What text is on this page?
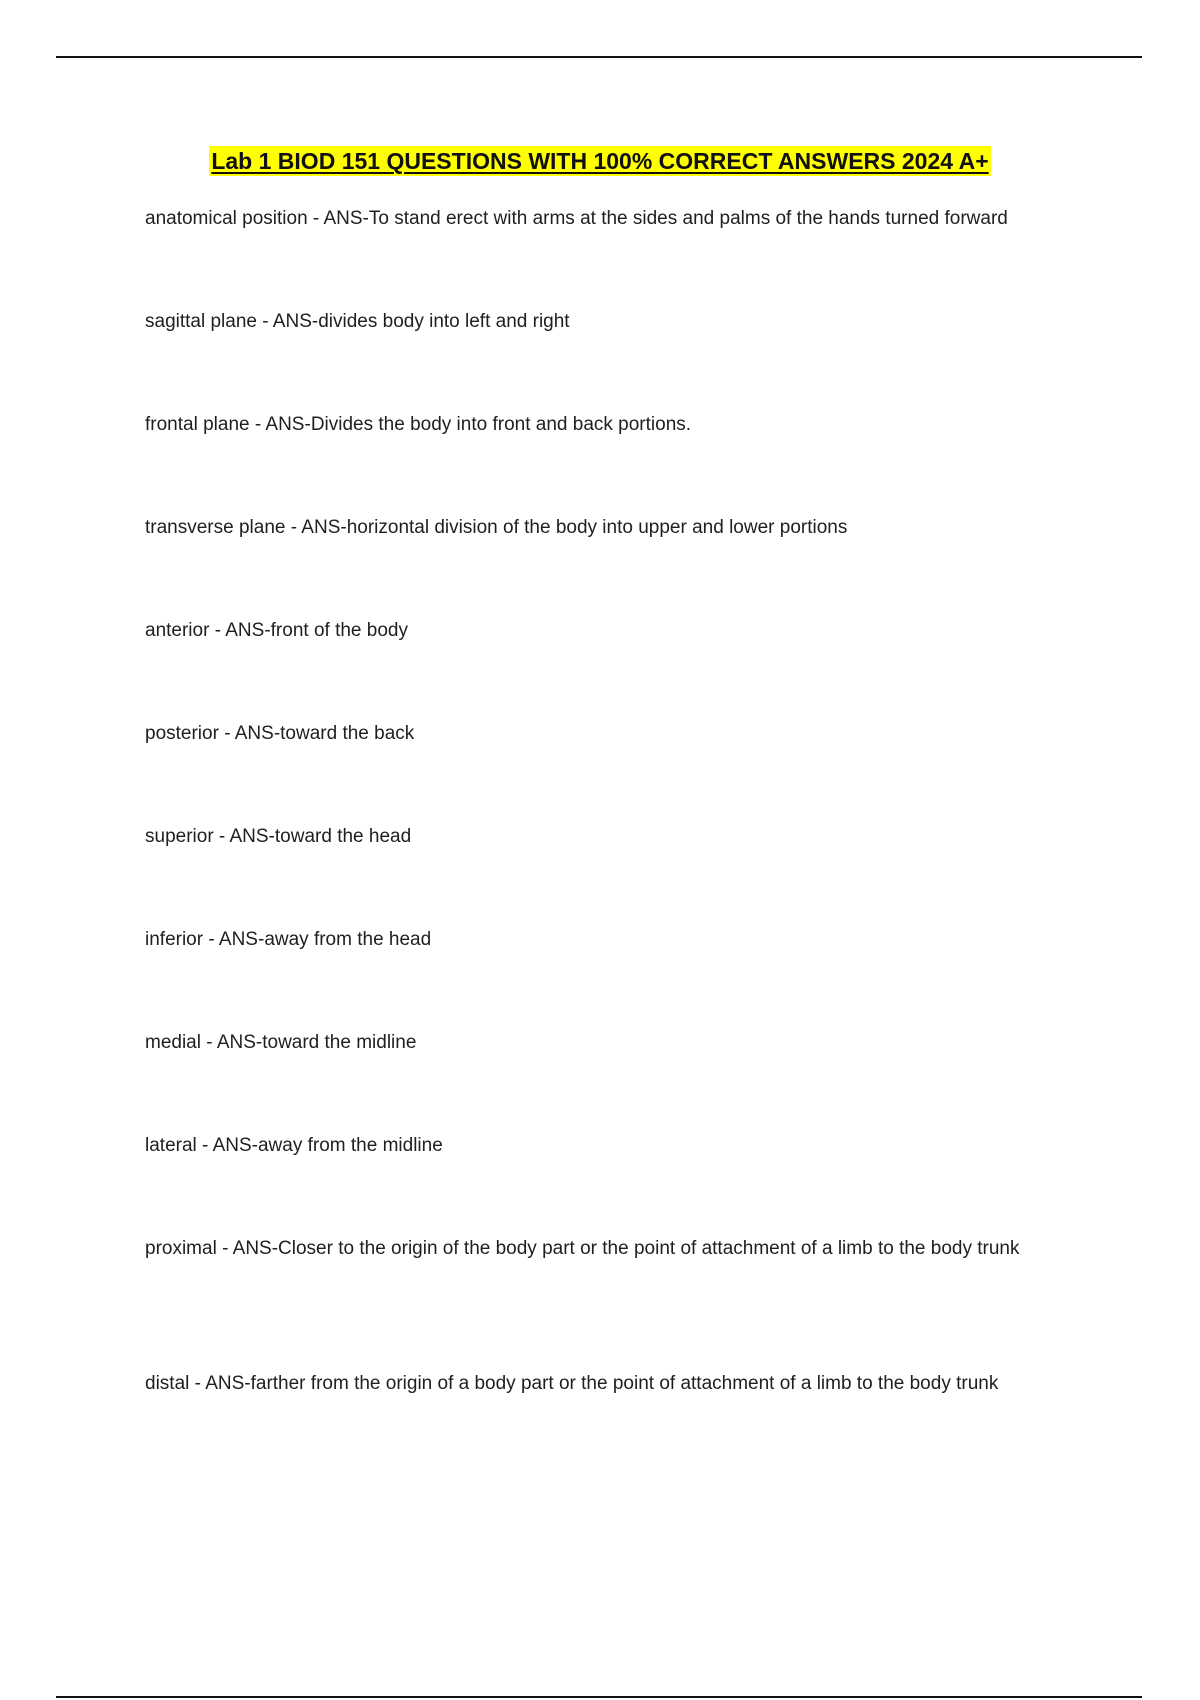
Lab 1 BIOD 151 QUESTIONS WITH 100% CORRECT ANSWERS 2024 A+
anatomical position - ANS-To stand erect with arms at the sides and palms of the hands turned forward
sagittal plane - ANS-divides body into left and right
frontal plane - ANS-Divides the body into front and back portions.
transverse plane - ANS-horizontal division of the body into upper and lower portions
anterior - ANS-front of the body
posterior - ANS-toward the back
superior - ANS-toward the head
inferior - ANS-away from the head
medial - ANS-toward the midline
lateral - ANS-away from the midline
proximal - ANS-Closer to the origin of the body part or the point of attachment of a limb to the body trunk
distal - ANS-farther from the origin of a body part or the point of attachment of a limb to the body trunk
